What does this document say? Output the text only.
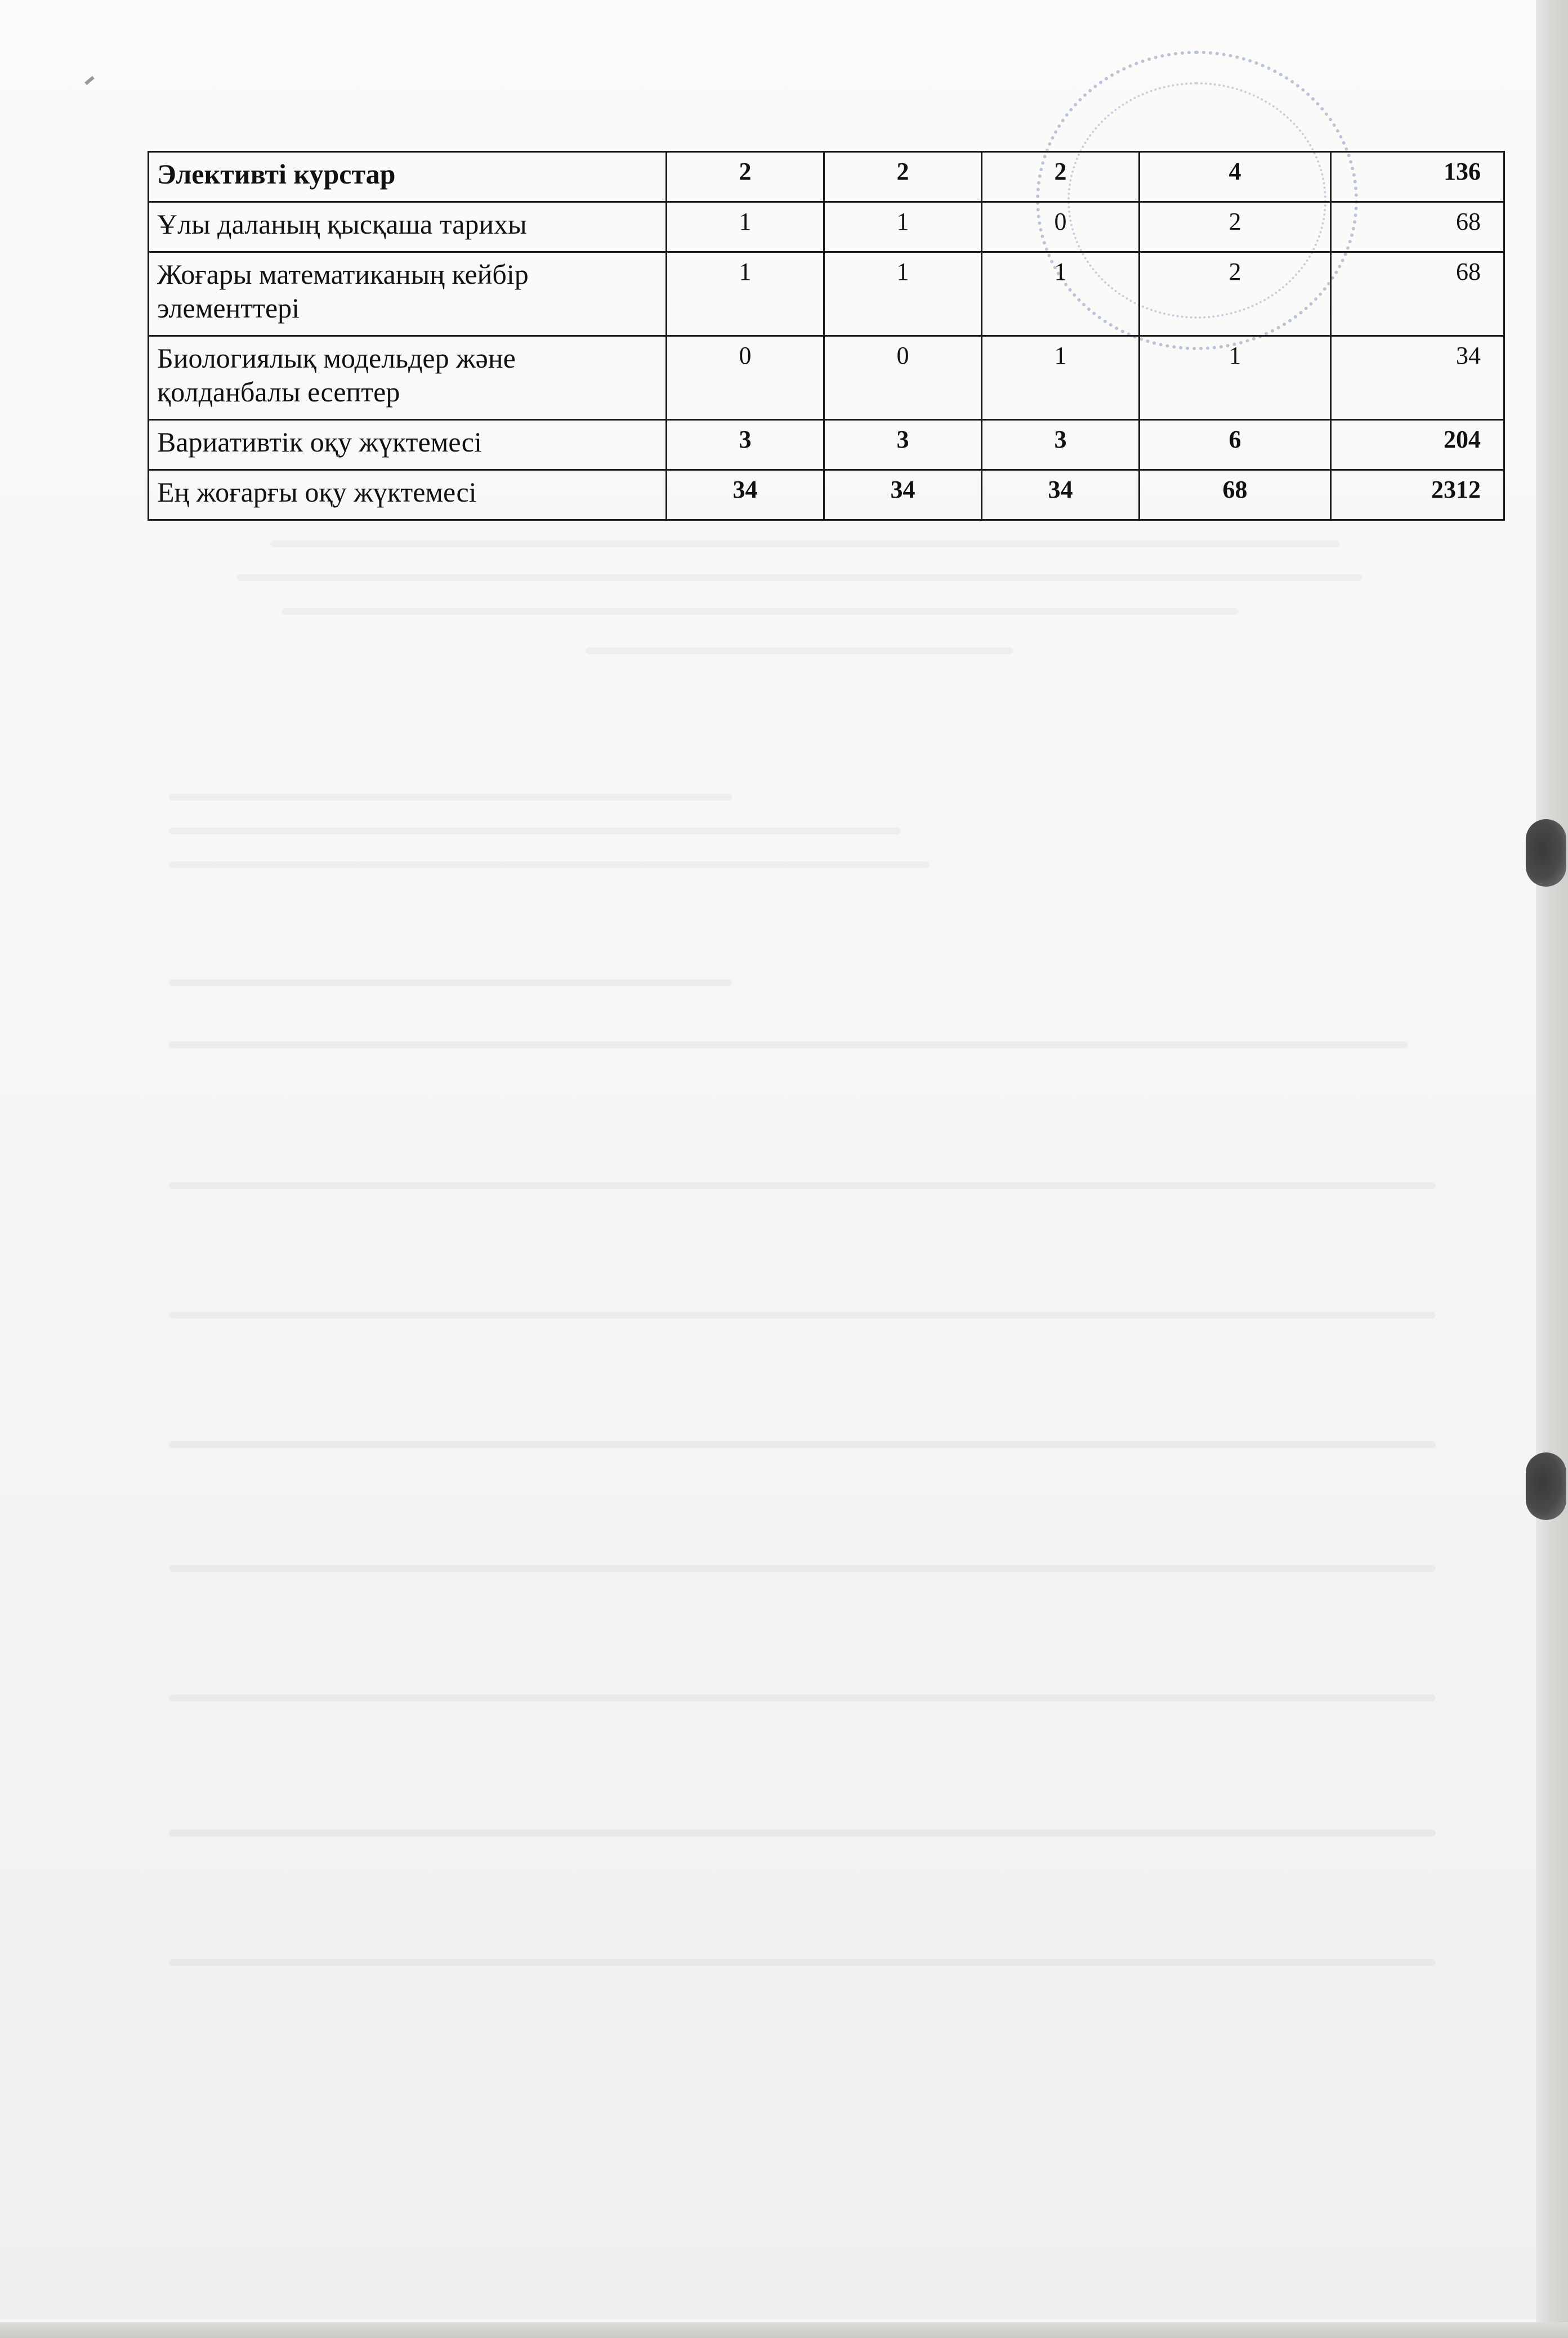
Элективті курстар	2	2	2	4	136
Ұлы даланың қысқаша тарихы	1	1	0	2	68
Жоғары математиканың кейбір элементтері	1	1	1	2	68
Биологиялық модельдер және қолданбалы есептер	0	0	1	1	34
Вариативтік оқу жүктемесі	3	3	3	6	204
Ең жоғарғы оқу жүктемесі	34	34	34	68	2312
